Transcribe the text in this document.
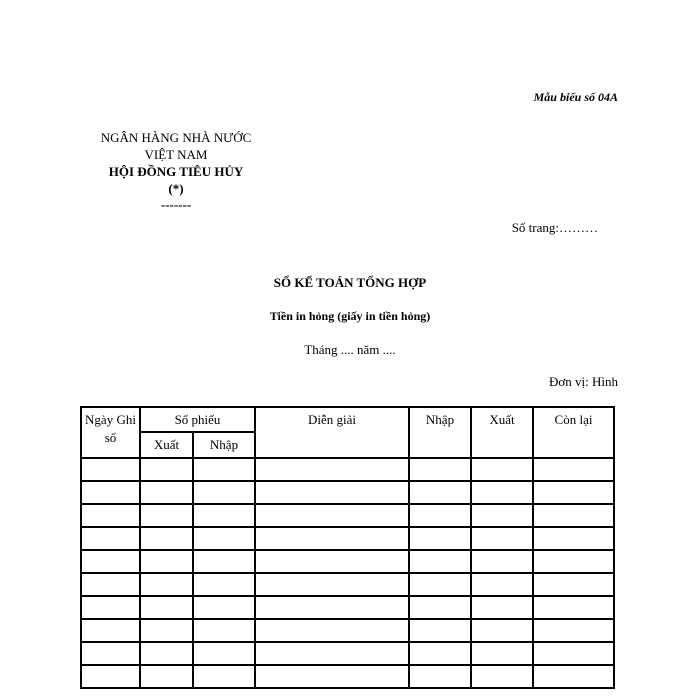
Mẫu biểu số 04A
NGÂN HÀNG NHÀ NƯỚC
VIỆT NAM
HỘI ĐỒNG TIÊU HỦY
(*)
-------
Số trang:………
SỔ KẾ TOÁN TỔNG HỢP
Tiền in hỏng (giấy in tiền hỏng)
Tháng .... năm ....
Đơn vị: Hình
Ngày Ghi sổ	Số phiếu		Diễn giải	Nhập	Xuất	Còn lại
	Xuất	Nhập				
